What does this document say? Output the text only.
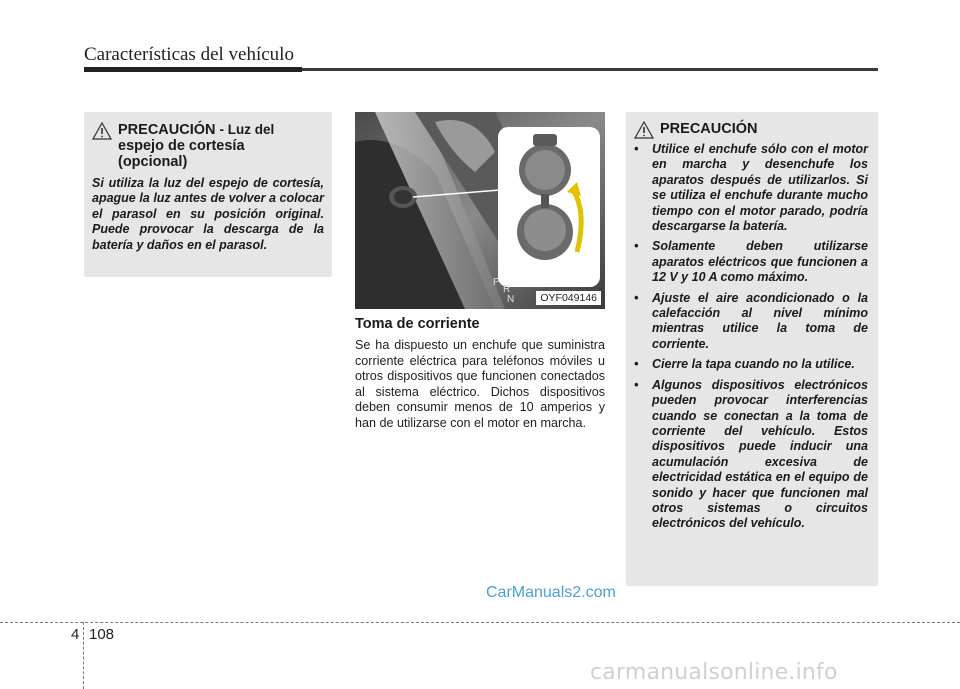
Características del vehículo
PRECAUCIÓN - Luz del
espejo de cortesía
(opcional)
Si utiliza la luz del espejo de cortesía, apague la luz antes de volver a colocar el parasol en su posición original. Puede provocar la descarga de la batería y daños en el parasol.
P
R
N	OYF049146
Toma de corriente
Se ha dispuesto un enchufe que suministra corriente eléctrica para teléfonos móviles u otros dispositivos que funcionen conectados al sistema eléctrico. Dichos dispositivos deben consumir menos de 10 amperios y han de utilizarse con el motor en marcha.
PRECAUCIÓN
• Utilice el enchufe sólo con el motor en marcha y desenchufe los aparatos después de utilizarlos. Si se utiliza el enchufe durante mucho tiempo con el motor parado, podría descargarse la batería.
• Solamente deben utilizarse aparatos eléctricos que funcionen a 12 V y 10 A como máximo.
• Ajuste el aire acondicionado o la calefacción al nivel mínimo mientras utilice la toma de corriente.
• Cierre la tapa cuando no la utilice.
• Algunos dispositivos electrónicos pueden provocar interferencias cuando se conectan a la toma de corriente del vehículo. Estos dispositivos puede inducir una acumulación excesiva de electricidad estática en el equipo de sonido y hacer que funcionen mal otros sistemas o circuitos electrónicos del vehículo.
CarManuals2.com
4 108
carmanualsonline.info
